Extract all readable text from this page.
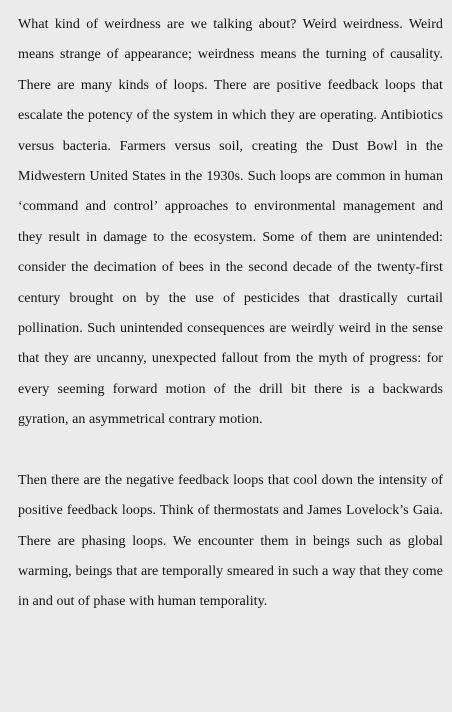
What kind of weirdness are we talking about? Weird weirdness. Weird means strange of appearance; weirdness means the turning of causality. There are many kinds of loops. There are positive feedback loops that escalate the potency of the system in which they are operating. Antibiotics versus bacteria. Farmers versus soil, creating the Dust Bowl in the Midwestern United States in the 1930s. Such loops are common in human ‘command and control’ approaches to environmental management and they result in damage to the ecosystem. Some of them are unintended: consider the decimation of bees in the second decade of the twenty-first century brought on by the use of pesticides that drastically curtail pollination. Such unintended consequences are weirdly weird in the sense that they are uncanny, unexpected fallout from the myth of progress: for every seeming forward motion of the drill bit there is a backwards gyration, an asymmetrical contrary motion.

Then there are the negative feedback loops that cool down the intensity of positive feedback loops. Think of thermostats and James Lovelock’s Gaia. There are phasing loops. We encounter them in beings such as global warming, beings that are temporally smeared in such a way that they come in and out of phase with human temporality.
